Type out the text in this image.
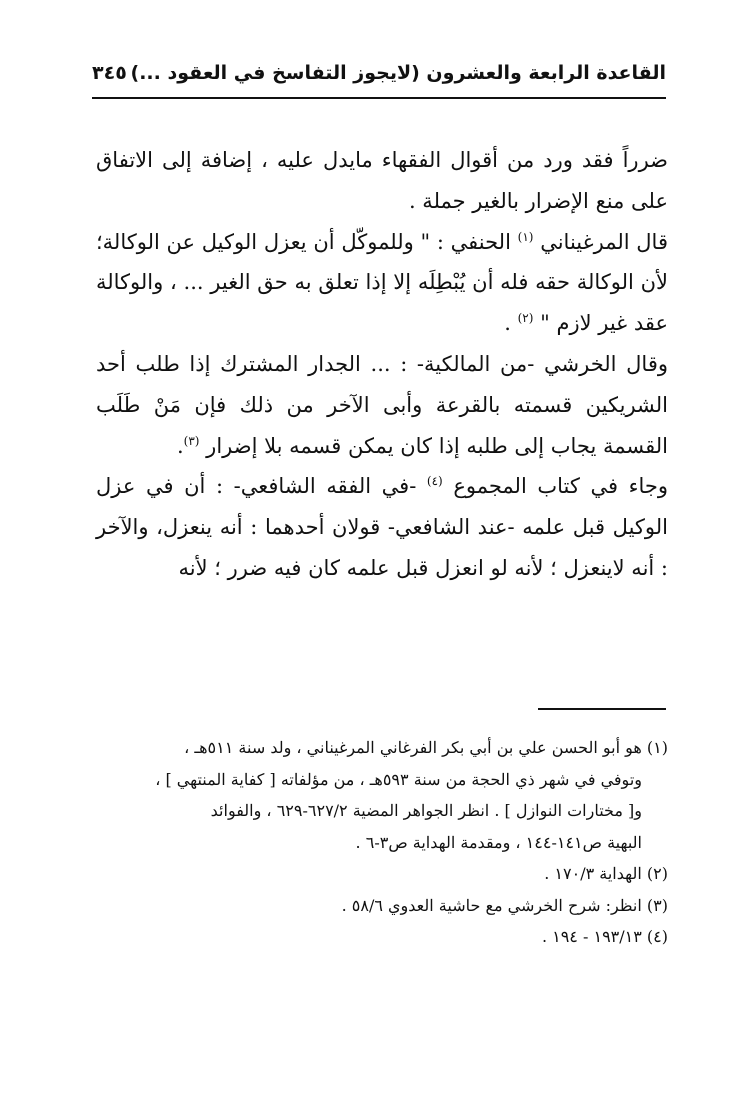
القاعدة الرابعة والعشرون (لايجوز التفاسخ في العقود ...)
٣٤٥

ضرراً فقد ورد من أقوال الفقهاء مايدل عليه ، إضافة إلى الاتفاق على منع الإضرار بالغير جملة .

قال المرغيناني $^{(١)}$ الحنفي : " وللموكّل أن يعزل الوكيل عن الوكالة؛ لأن الوكالة حقه فله أن يُبْطِلَه إلا إذا تعلق به حق الغير ... ، والوكالة عقد غير لازم " $^{(٢)}$ .

وقال الخرشي -من المالكية- : ... الجدار المشترك إذا طلب أحد الشريكين قسمته بالقرعة وأبى الآخر من ذلك فإن مَنْ طَلَب القسمة يجاب إلى طلبه إذا كان يمكن قسمه بلا إضرار $^{(٣)}$.

وجاء في كتاب المجموع $^{(٤)}$ -في الفقه الشافعي- : أن في عزل الوكيل قبل علمه -عند الشافعي- قولان أحدهما : أنه ينعزل، والآخر : أنه لاينعزل ؛ لأنه لو انعزل قبل علمه كان فيه ضرر ؛ لأنه

(١) هو أبو الحسن علي بن أبي بكر الفرغاني المرغيناني ، ولد سنة ٥١١هـ ،

وتوفي في شهر ذي الحجة من سنة ٥٩٣هـ ، من مؤلفاته [ كفاية المنتهي ] ،

و[ مختارات النوازل ] . انظر الجواهر المضية ٦٢٧/٢-٦٢٩ ، والفوائد

البهية ص١٤١-١٤٤ ، ومقدمة الهداية ص٣-٦ .

(٢) الهداية ١٧٠/٣ .

(٣) انظر: شرح الخرشي مع حاشية العدوي ٥٨/٦ .

(٤) ١٩٣/١٣ - ١٩٤ .
